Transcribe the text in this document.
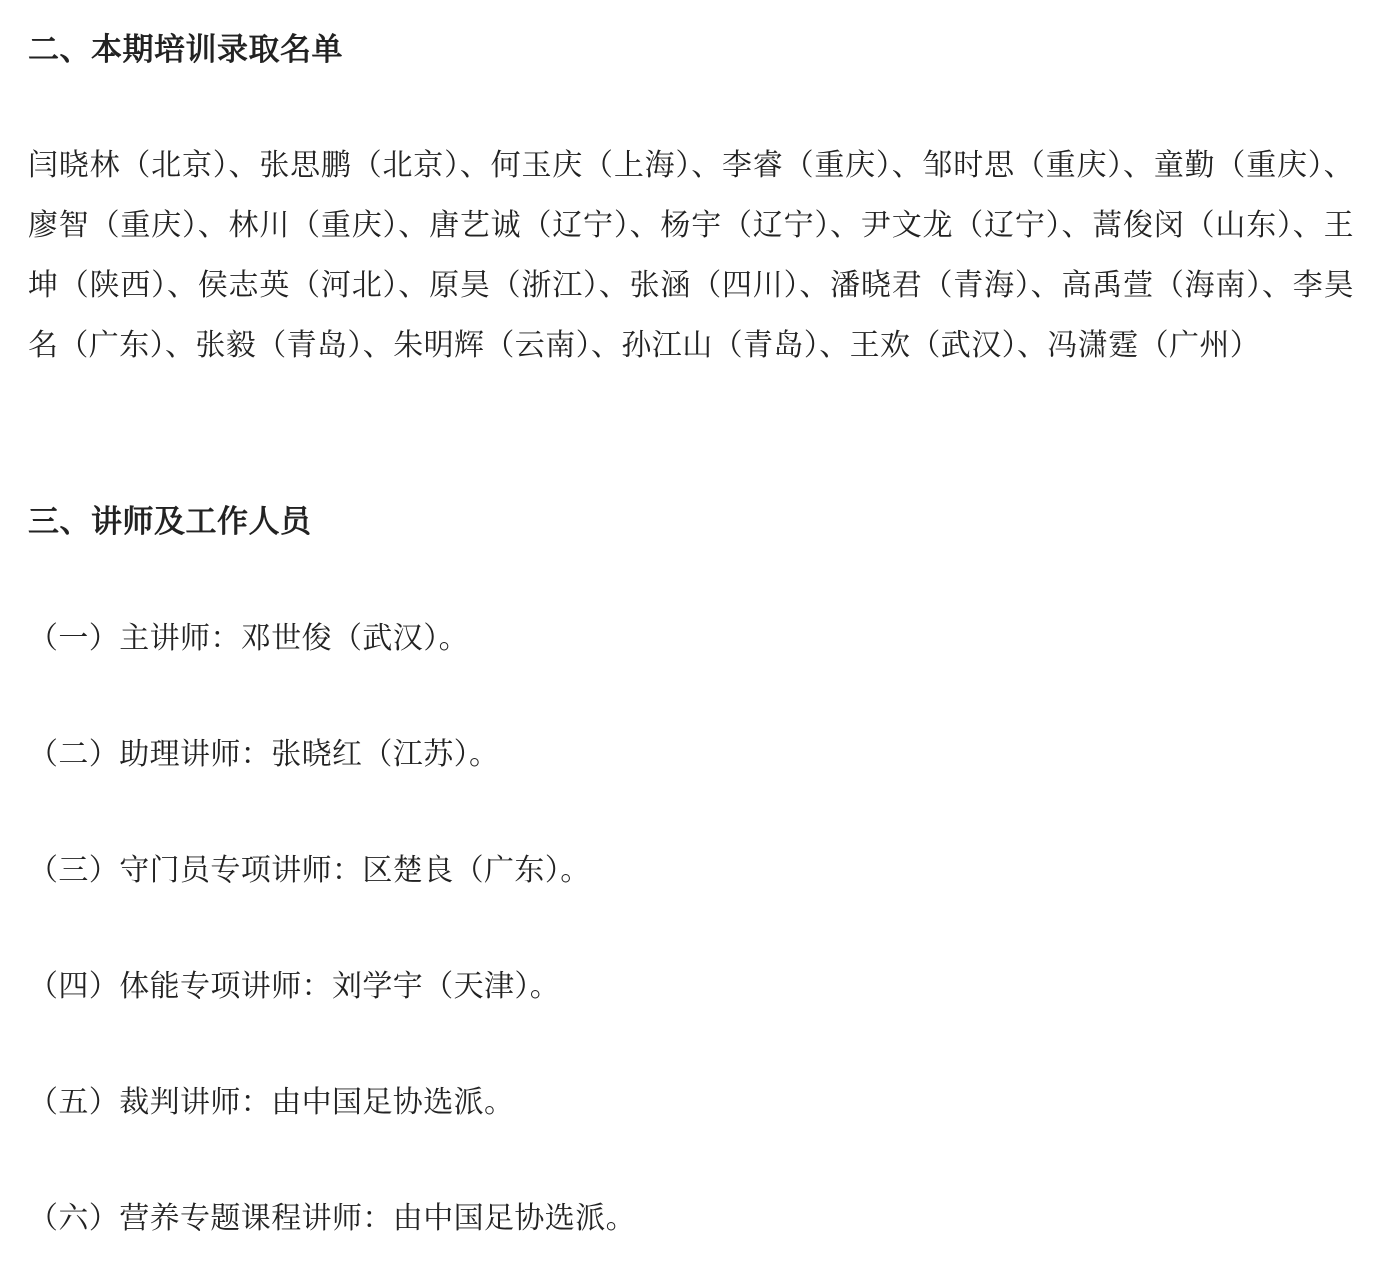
二、本期培训录取名单

闫晓林（北京）、张思鹏（北京）、何玉庆（上海）、李睿（重庆）、邹时思（重庆）、童勤（重庆）、廖智（重庆）、林川（重庆）、唐艺诚（辽宁）、杨宇（辽宁）、尹文龙（辽宁）、蒿俊闵（山东）、王坤（陕西）、侯志英（河北）、原昊（浙江）、张涵（四川）、潘晓君（青海）、高禹萱（海南）、李昊名（广东）、张毅（青岛）、朱明辉（云南）、孙江山（青岛）、王欢（武汉）、冯潇霆（广州）

三、讲师及工作人员

（一）主讲师：邓世俊（武汉）。

（二）助理讲师：张晓红（江苏）。

（三）守门员专项讲师：区楚良（广东）。

（四）体能专项讲师：刘学宇（天津）。

（五）裁判讲师：由中国足协选派。

（六）营养专题课程讲师：由中国足协选派。
